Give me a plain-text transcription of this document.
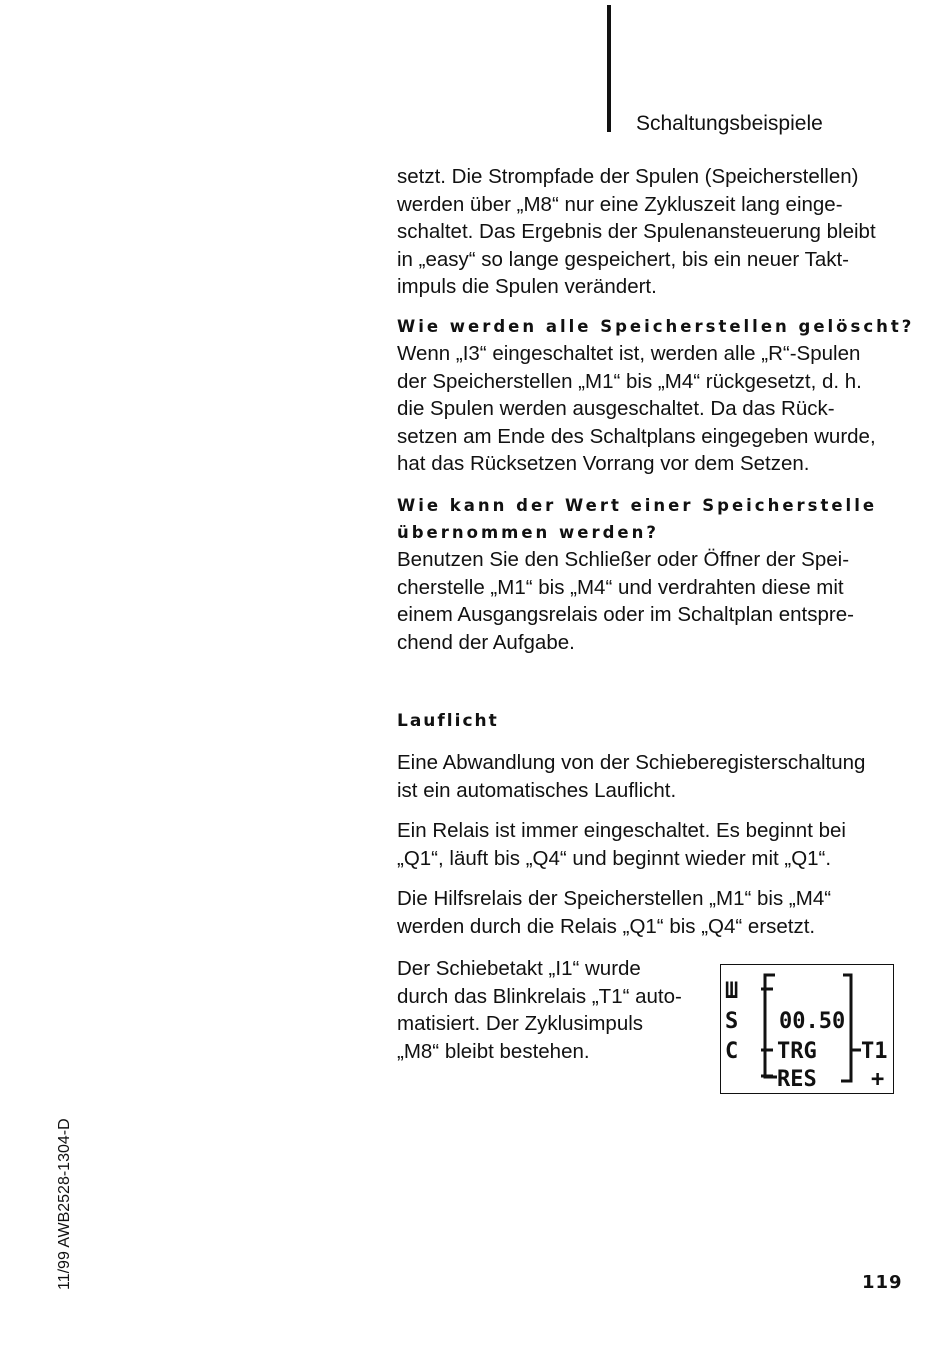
Schaltungsbeispiele
setzt. Die Strompfade der Spulen (Speicherstellen)
werden über „M8“ nur eine Zykluszeit lang einge-
schaltet. Das Ergebnis der Spulenansteuerung bleibt
in „easy“ so lange gespeichert, bis ein neuer Takt-
impuls die Spulen verändert.
Wie werden alle Speicherstellen gelöscht?
Wenn „I3“ eingeschaltet ist, werden alle „R“-Spulen
der Speicherstellen „M1“ bis „M4“ rückgesetzt, d. h.
die Spulen werden ausgeschaltet. Da das Rück-
setzen am Ende des Schaltplans eingegeben wurde,
hat das Rücksetzen Vorrang vor dem Setzen.
Wie kann der Wert einer Speicherstelle
übernommen werden?
Benutzen Sie den Schließer oder Öffner der Spei-
cherstelle „M1“ bis „M4“ und verdrahten diese mit
einem Ausgangsrelais oder im Schaltplan entspre-
chend der Aufgabe.
Lauflicht
Eine Abwandlung von der Schieberegisterschaltung
ist ein automatisches Lauflicht.
Ein Relais ist immer eingeschaltet. Es beginnt bei
„Q1“, läuft bis „Q4“ und beginnt wieder mit „Q1“.
Die Hilfsrelais der Speicherstellen „M1“ bis „M4“
werden durch die Relais „Q1“ bis „Q4“ ersetzt.
Der Schiebetakt „I1“ wurde
durch das Blinkrelais „T1“ auto-
matisiert. Der Zyklusimpuls
„M8“ bleibt bestehen.
Ш
S
C
00.50
TRG
RES
T1
+
11/99 AWB2528-1304-D	119
